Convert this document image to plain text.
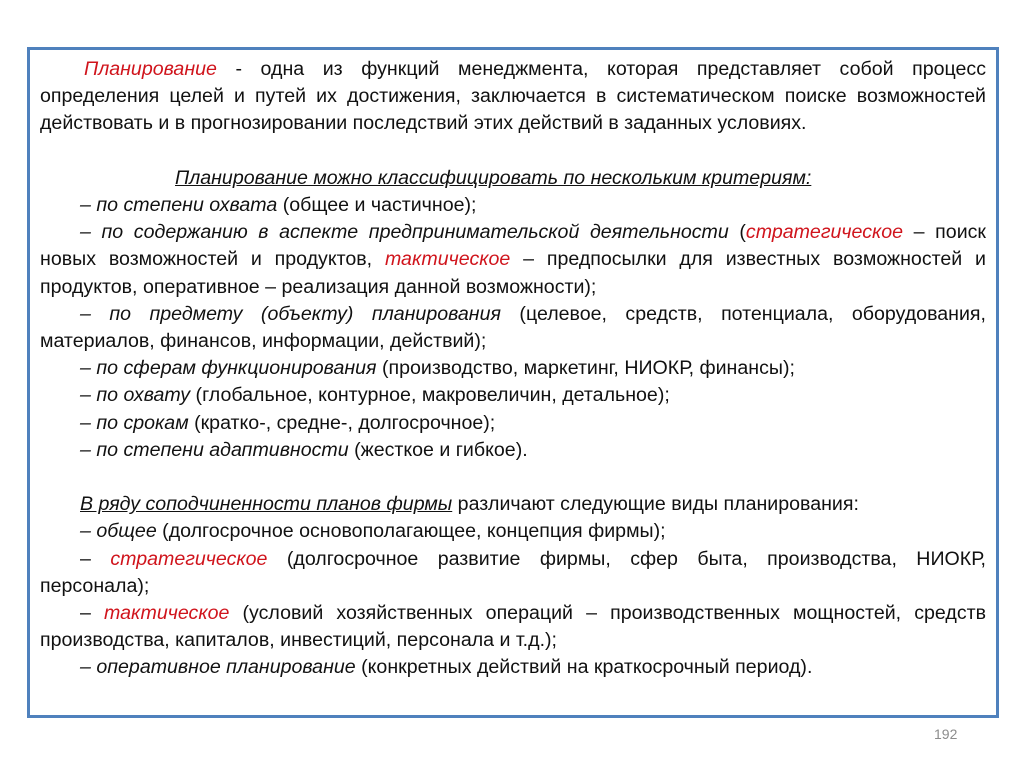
Планирование - одна из функций менеджмента, которая представляет собой процесс определения целей и путей их достижения, заключается в систематическом поиске возможностей действовать и в прогнозировании последствий этих действий в заданных условиях.
Планирование можно классифицировать по нескольким критериям:
– по степени охвата (общее и частичное);
– по содержанию в аспекте предпринимательской деятельности (стратегическое – поиск новых возможностей и продуктов, тактическое – предпосылки для известных возможностей и продуктов, оперативное – реализация данной возможности);
– по предмету (объекту) планирования (целевое, средств, потенциала, оборудования, материалов, финансов, информации, действий);
– по сферам функционирования (производство, маркетинг, НИОКР, финансы);
– по охвату (глобальное, контурное, макровеличин, детальное);
– по срокам (кратко-, средне-, долгосрочное);
– по степени адаптивности (жесткое и гибкое).
В ряду соподчиненности планов фирмы различают следующие виды планирования:
– общее (долгосрочное основополагающее, концепция фирмы);
– стратегическое (долгосрочное развитие фирмы, сфер быта, производства, НИОКР, персонала);
– тактическое (условий хозяйственных операций – производственных мощностей, средств производства, капиталов, инвестиций, персонала и т.д.);
– оперативное планирование (конкретных действий на краткосрочный период).
192
